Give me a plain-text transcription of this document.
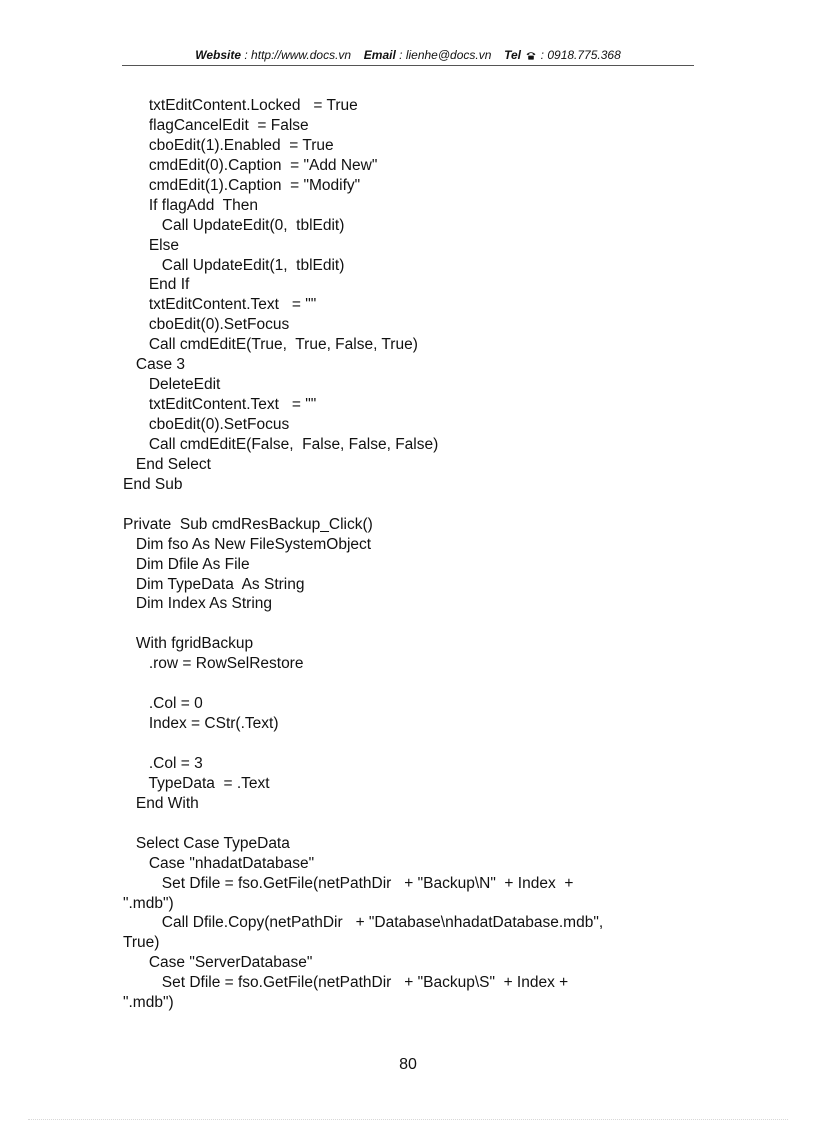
Website : http://www.docs.vn Email : lienhe@docs.vn Tel : 0918.775.368
txtEditContent.Locked   = True
flagCancelEdit  = False
cboEdit(1).Enabled  = True
cmdEdit(0).Caption  = "Add New"
cmdEdit(1).Caption  = "Modify"
If flagAdd  Then
Call UpdateEdit(0,  tblEdit)
Else
Call UpdateEdit(1,  tblEdit)
End If
txtEditContent.Text   = ""
cboEdit(0).SetFocus
Call cmdEditE(True,  True, False, True)
Case 3
DeleteEdit
txtEditContent.Text   = ""
cboEdit(0).SetFocus
Call cmdEditE(False,  False, False, False)
End Select
End Sub
Private  Sub cmdResBackup_Click()
Dim fso As New FileSystemObject
Dim Dfile As File
Dim TypeData  As String
Dim Index As String
With fgridBackup
.row = RowSelRestore
.Col = 0
Index = CStr(.Text)
.Col = 3
TypeData  = .Text
End With
Select Case TypeData
Case "nhadatDatabase"
Set Dfile = fso.GetFile(netPathDir   + "Backup\N"  + Index  +
".mdb")
Call Dfile.Copy(netPathDir   + "Database\nhadatDatabase.mdb",
True)
Case "ServerDatabase"
Set Dfile = fso.GetFile(netPathDir   + "Backup\S"  + Index +
".mdb")
80
